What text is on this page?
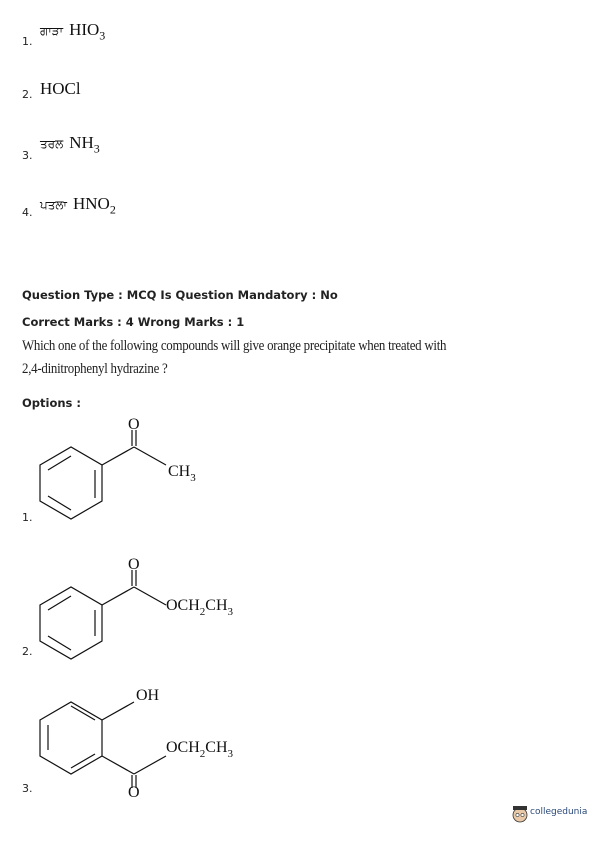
ਗਾੜਾ $HIO_3$
1.
HOCl
2.
ਤਰਲ $NH_3$
3.
ਪਤਲਾ $HNO_2$
4.
Question Type : MCQ Is Question Mandatory : No
Correct Marks : 4 Wrong Marks : 1
Which one of the following compounds will give orange precipitate when treated with
2,4-dinitrophenyl hydrazine ?
Options :
O
$CH_3$
1.
O
$OCH_2CH_3$
2.
OH
O
$OCH_2CH_3$
3.
collegedunia
